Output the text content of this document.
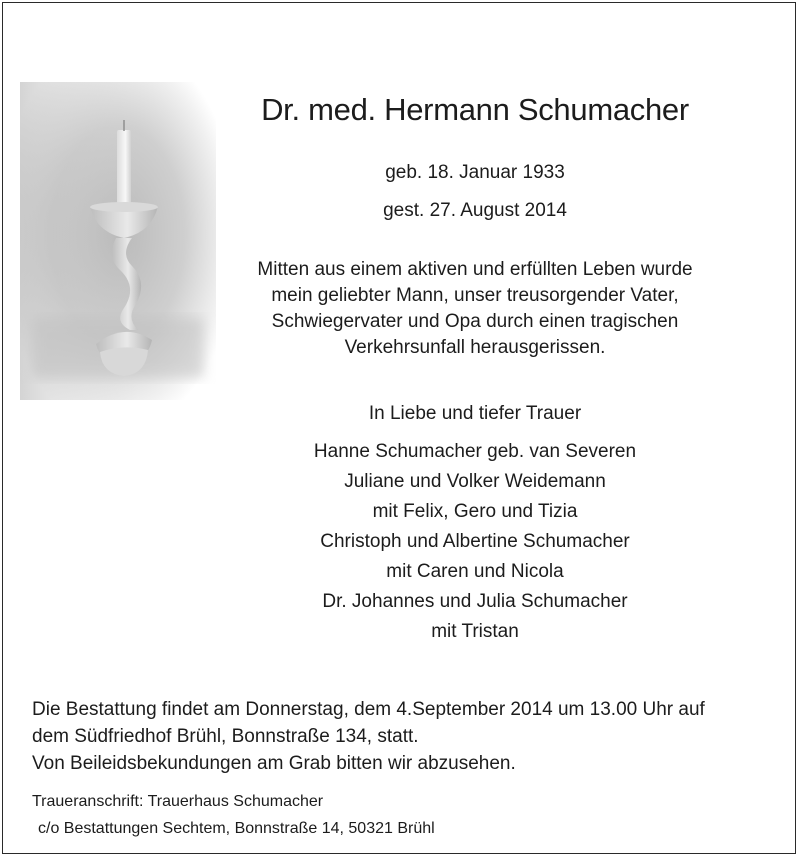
Dr. med. Hermann Schumacher
geb. 18. Januar 1933
gest. 27. August 2014
Mitten aus einem aktiven und erfüllten Leben wurde
mein geliebter Mann, unser treusorgender Vater,
Schwiegervater und Opa durch einen tragischen
Verkehrsunfall herausgerissen.
In Liebe und tiefer Trauer
Hanne Schumacher geb. van Severen
Juliane und Volker Weidemann
mit Felix, Gero und Tizia
Christoph und Albertine Schumacher
mit Caren und Nicola
Dr. Johannes und Julia Schumacher
mit Tristan
Die Bestattung findet am Donnerstag, dem 4.September 2014 um 13.00 Uhr auf
dem Südfriedhof Brühl, Bonnstraße 134, statt.
Von Beileidsbekundungen am Grab bitten wir abzusehen.
Traueranschrift: Trauerhaus Schumacher
c/o Bestattungen Sechtem, Bonnstraße 14, 50321 Brühl
